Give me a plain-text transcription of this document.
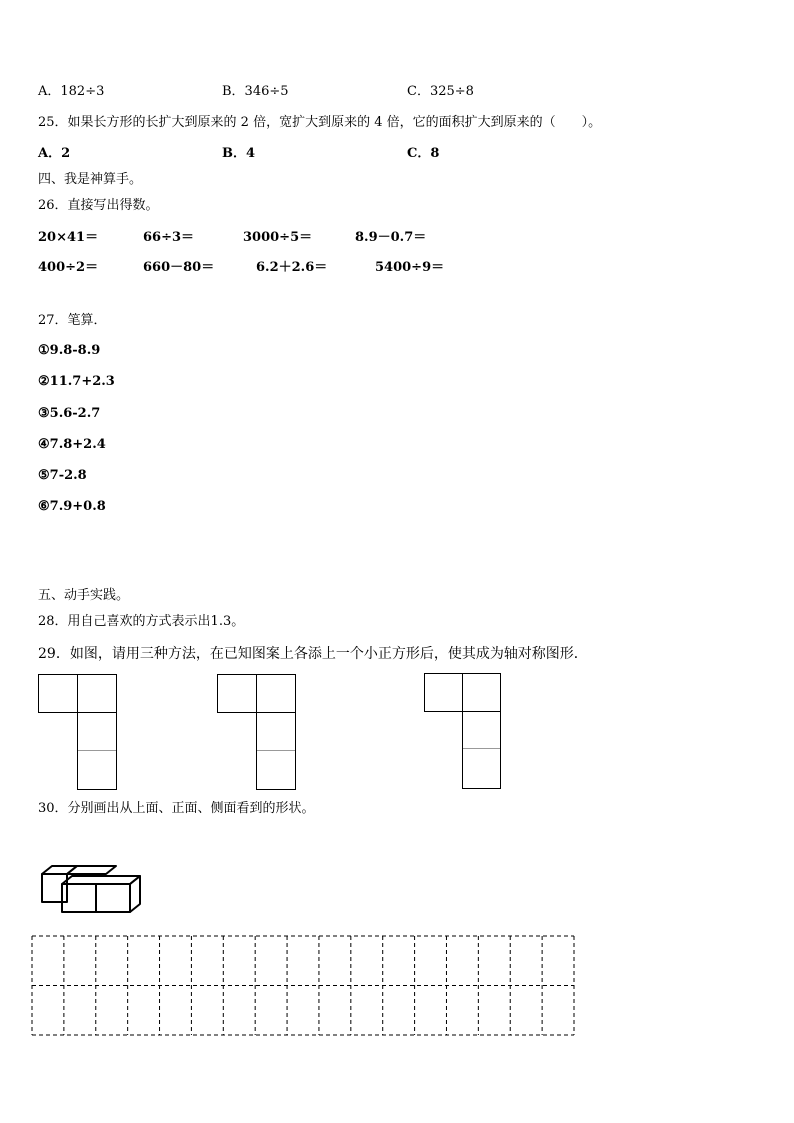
A．182÷3	B．346÷5	C．325÷8
25．如果长方形的长扩大到原来的 2 倍，宽扩大到原来的 4 倍，它的面积扩大到原来的（　　）。
A．2	B．4	C．8
四、我是神算手。
26．直接写出得数。
20×41＝	66÷3＝	3000÷5＝	8.9－0.7＝
400÷2＝	660－80＝	6.2＋2.6＝	5400÷9＝
27．笔算．
①9.8-8.9
②11.7+2.3
③5.6-2.7
④7.8+2.4
⑤7-2.8
⑥7.9+0.8
五、动手实践。
28．用自己喜欢的方式表示出1.3。
29．如图，请用三种方法，在已知图案上各添上一个小正方形后，使其成为轴对称图形．
30．分别画出从上面、正面、侧面看到的形状。
